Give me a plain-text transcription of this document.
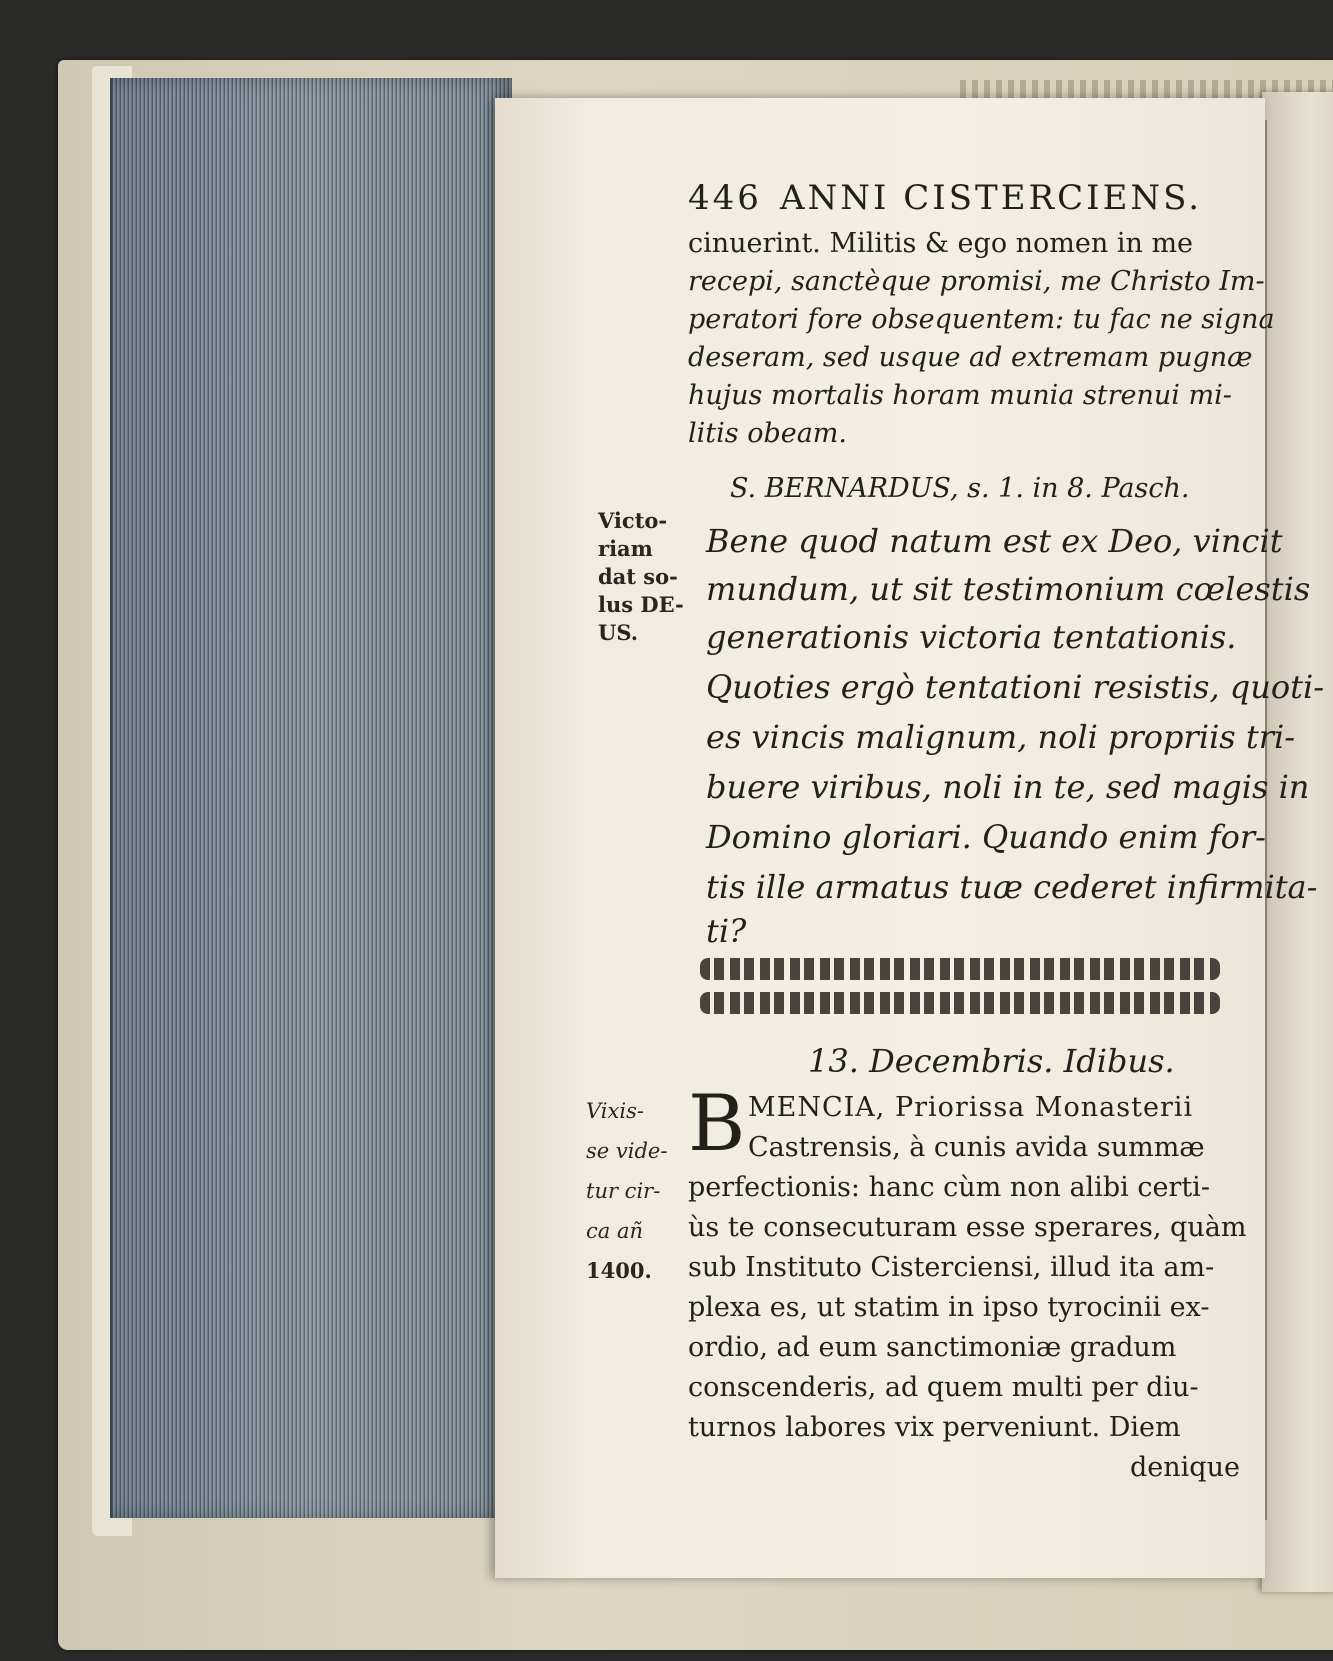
446 ANNI CISTERCIENS.
cinuerint. Militis & ego nomen in me
recepi, sanctèque promisi, me Christo Im-
peratori fore obsequentem: tu fac ne signa
deseram, sed usque ad extremam pugnæ
hujus mortalis horam munia strenui mi-
litis obeam.
S. BERNARDUS, s. 1. in 8. Pasch.
Bene quod natum est ex Deo, vincit
mundum, ut sit testimonium cœlestis
generationis victoria tentationis.
Quoties ergò tentationi resistis, quoti-
es vincis malignum, noli propriis tri-
buere viribus, noli in te, sed magis in
Domino gloriari. Quando enim for-
tis ille armatus tuæ cederet infirmita-
ti?
Victo-
riam
dat so-
lus DE-
US.
13. Decembris. Idibus.
B MENCIA, Priorissa Monasterii
Castrensis, à cunis avida summæ
perfectionis: hanc cùm non alibi certi-
ùs te consecuturam esse sperares, quàm
sub Instituto Cisterciensi, illud ita am-
plexa es, ut statim in ipso tyrocinii ex-
ordio, ad eum sanctimoniæ gradum
conscenderis, ad quem multi per diu-
turnos labores vix perveniunt. Diem
denique
Vixis-
se vide-
tur cir-
ca añ
1400.
